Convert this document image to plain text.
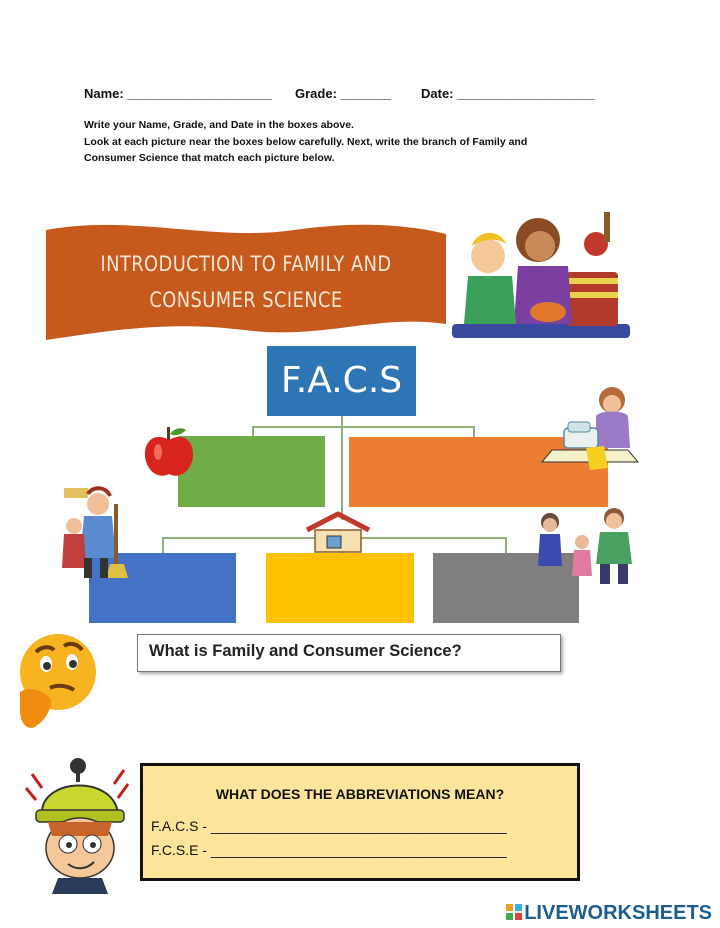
Name: ____________________ Grade: _______ Date: ___________________
Write your Name, Grade, and Date in the boxes above.
Look at each picture near the boxes below carefully. Next, write the branch of Family and
Consumer Science that match each picture below.
INTRODUCTION TO FAMILY AND
CONSUMER SCIENCE
F.A.C.S
What is Family and Consumer Science?
WHAT DOES THE ABBREVIATIONS MEAN?
F.A.C.S - ______________________________________
F.C.S.E - ______________________________________
LIVEWORKSHEETS
